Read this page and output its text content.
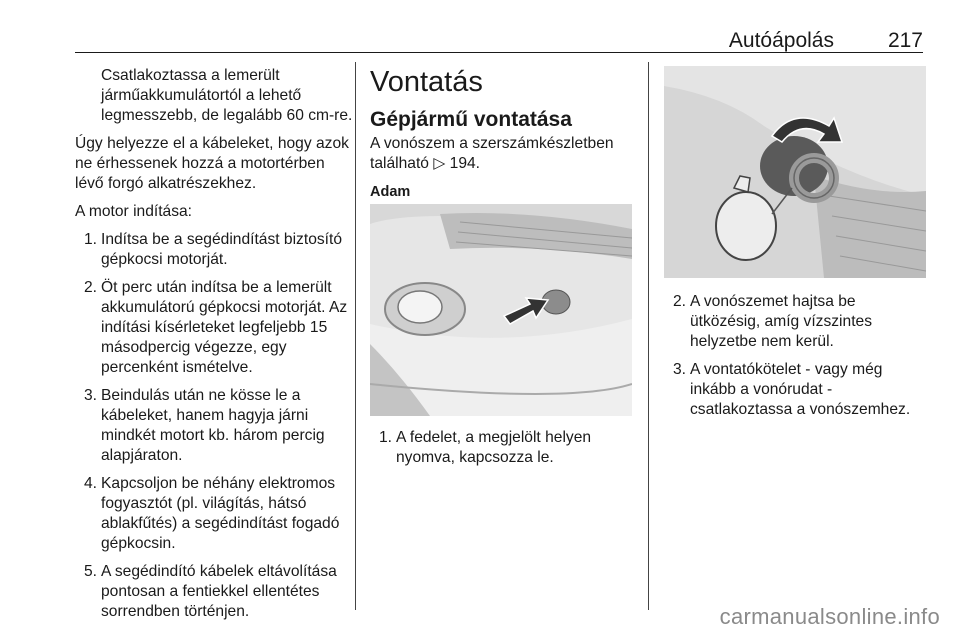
Autóápolás	217

Csatlakoztassa a lemerült járműakkumulátortól a lehető legmesszebb, de legalább 60 cm-re.

Úgy helyezze el a kábeleket, hogy azok ne érhessenek hozzá a motortérben lévő forgó alkatrészekhez.

A motor indítása:

1. Indítsa be a segédindítást biztosító gépkocsi motorját.
2. Öt perc után indítsa be a lemerült akkumulátorú gépkocsi motorját. Az indítási kísérleteket legfeljebb 15 másodpercig végezze, egy percenként ismételve.
3. Beindulás után ne kösse le a kábeleket, hanem hagyja járni mindkét motort kb. három percig alapjáraton.
4. Kapcsoljon be néhány elektromos fogyasztót (pl. világítás, hátsó ablakfűtés) a segédindítást fogadó gépkocsin.
5. A segédindító kábelek eltávolítása pontosan a fentiekkel ellentétes sorrendben történjen.
Vontatás
Gépjármű vontatása

A vonószem a szerszámkészletben található ▷ 194.

Adam

1. A fedelet, a megjelölt helyen nyomva, kapcsozza le.
2. A vonószemet hajtsa be ütközésig, amíg vízszintes helyzetbe nem kerül.
3. A vontatókötelet - vagy még inkább a vonórudat - csatlakoztassa a vonószemhez.
carmanualsonline.info
